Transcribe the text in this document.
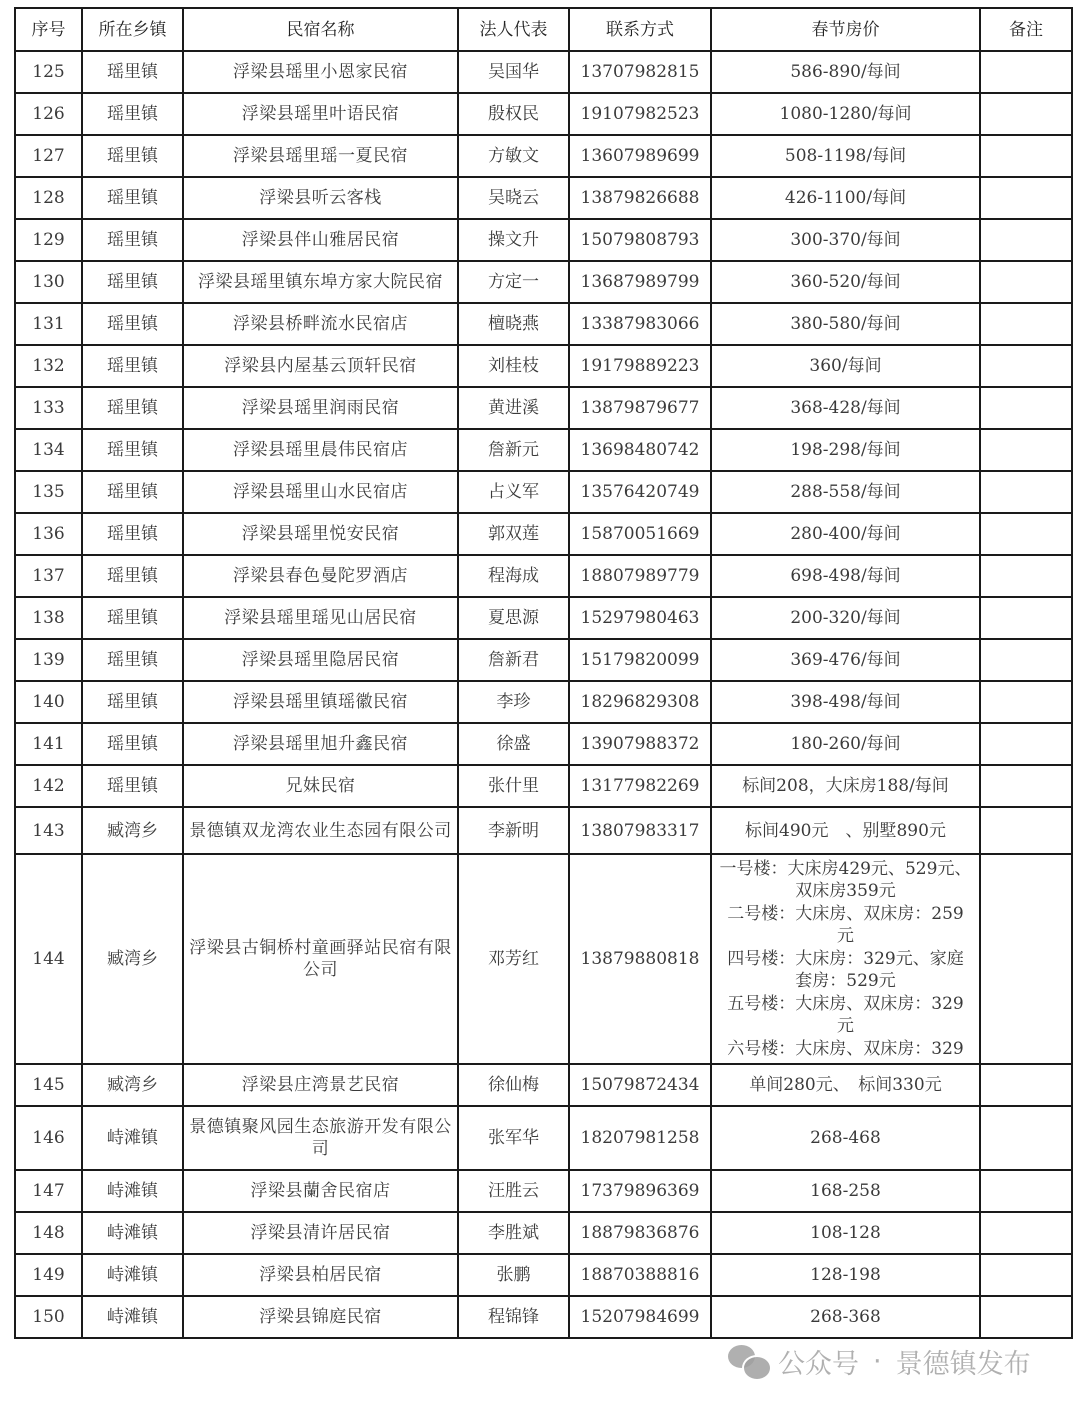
序号	所在乡镇	民宿名称	法人代表	联系方式	春节房价	备注
125	瑶里镇	浮梁县瑶里小恩家民宿	吴国华	13707982815	586-890/每间	
126	瑶里镇	浮梁县瑶里叶语民宿	殷权民	19107982523	1080-1280/每间	
127	瑶里镇	浮梁县瑶里瑶一夏民宿	方敏文	13607989699	508-1198/每间	
128	瑶里镇	浮梁县听云客栈	吴晓云	13879826688	426-1100/每间	
129	瑶里镇	浮梁县伴山雅居民宿	操文升	15079808793	300-370/每间	
130	瑶里镇	浮梁县瑶里镇东埠方家大院民宿	方定一	13687989799	360-520/每间	
131	瑶里镇	浮梁县桥畔流水民宿店	檀晓燕	13387983066	380-580/每间	
132	瑶里镇	浮梁县内屋基云顶轩民宿	刘桂枝	19179889223	360/每间	
133	瑶里镇	浮梁县瑶里润雨民宿	黄进溪	13879879677	368-428/每间	
134	瑶里镇	浮梁县瑶里晨伟民宿店	詹新元	13698480742	198-298/每间	
135	瑶里镇	浮梁县瑶里山水民宿店	占义军	13576420749	288-558/每间	
136	瑶里镇	浮梁县瑶里悦安民宿	郭双莲	15870051669	280-400/每间	
137	瑶里镇	浮梁县春色曼陀罗酒店	程海成	18807989779	698-498/每间	
138	瑶里镇	浮梁县瑶里瑶见山居民宿	夏思源	15297980463	200-320/每间	
139	瑶里镇	浮梁县瑶里隐居民宿	詹新君	15179820099	369-476/每间	
140	瑶里镇	浮梁县瑶里镇瑶徽民宿	李珍	18296829308	398-498/每间	
141	瑶里镇	浮梁县瑶里旭升鑫民宿	徐盛	13907988372	180-260/每间	
142	瑶里镇	兄妹民宿	张什里	13177982269	标间208，大床房188/每间	
143	臧湾乡	景德镇双龙湾农业生态园有限公司	李新明	13807983317	标间490元　、别墅890元	
144	臧湾乡	浮梁县古铜桥村童画驿站民宿有限公司	邓芳红	13879880818	
一号楼：大床房429元、529元、
双床房359元
二号楼：大床房、双床房：259
元
四号楼：大床房：329元、家庭
套房：529元
五号楼：大床房、双床房：329
元
六号楼：大床房、双床房：329

145	臧湾乡	浮梁县庄湾景艺民宿	徐仙梅	15079872434	单间280元、　标间330元	
146	峙滩镇	景德镇聚风园生态旅游开发有限公司	张军华	18207981258	268-468	
147	峙滩镇	浮梁县蘭舍民宿店	汪胜云	17379896369	168-258	
148	峙滩镇	浮梁县清许居民宿	李胜斌	18879836876	108-128	
149	峙滩镇	浮梁县柏居民宿	张鹏	18870388816	128-198	
150	峙滩镇	浮梁县锦庭民宿	程锦锋	15207984699	268-368	
公众号 · 景德镇发布
